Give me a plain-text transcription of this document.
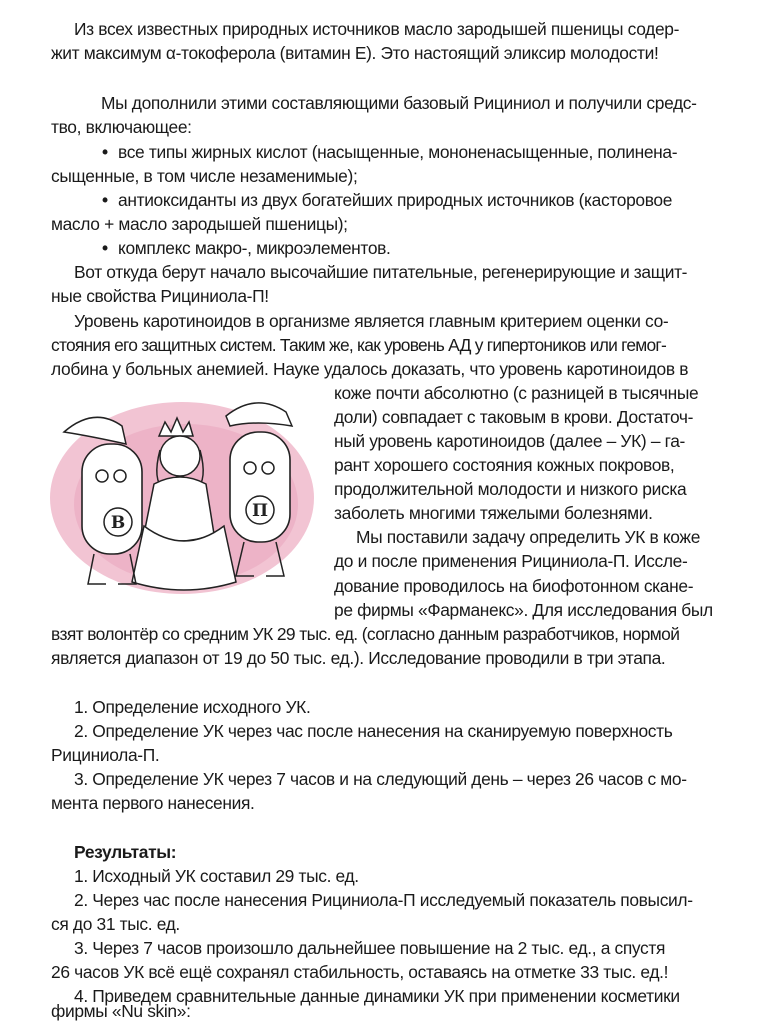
Из всех известных природных источников масло зародышей пшеницы содер-
жит максимум α-токоферола (витамин Е). Это настоящий эликсир молодости!
Мы дополнили этими составляющими базовый Рициниол и получили средс-
тво, включающее:
• все типы жирных кислот (насыщенные, мононенасыщенные, полинена-
сыщенные, в том числе незаменимые);
• антиоксиданты из двух богатейших природных источников (касторовое
масло + масло зародышей пшеницы);
• комплекс макро-, микроэлементов.
Вот откуда берут начало высочайшие питательные, регенерирующие и защит-
ные свойства Рициниола-П!
Уровень каротиноидов в организме является главным критерием оценки со-
стояния его защитных систем. Таким же, как уровень АД у гипертоников или гемог-
лобина у больных анемией. Науке удалось доказать, что уровень каротиноидов в
В
П
коже почти абсолютно (с разницей в тысячные
доли) совпадает с таковым в крови. Достаточ-
ный уровень каротиноидов (далее – УК) – га-
рант хорошего состояния кожных покровов,
продолжительной молодости и низкого риска
заболеть многими тяжелыми болезнями.
Мы поставили задачу определить УК в коже
до и после применения Рициниола-П. Иссле-
дование проводилось на биофотонном скане-
ре фирмы «Фарманекс». Для исследования был
взят волонтёр со средним УК 29 тыс. ед. (согласно данным разработчиков, нормой
является диапазон от 19 до 50 тыс. ед.). Исследование проводили в три этапа.
1. Определение исходного УК.
2. Определение УК через час после нанесения на сканируемую поверхность
Рициниола-П.
3. Определение УК через 7 часов и на следующий день – через 26 часов с мо-
мента первого нанесения.
Результаты:
1. Исходный УК составил 29 тыс. ед.
2. Через час после нанесения Рициниола-П исследуемый показатель повысил-
ся до 31 тыс. ед.
3. Через 7 часов произошло дальнейшее повышение на 2 тыс. ед., а спустя
26 часов УК всё ещё сохранял стабильность, оставаясь на отметке 33 тыс. ед.!
4. Приведем сравнительные данные динамики УК при применении косметики
фирмы «Nu skin»:
